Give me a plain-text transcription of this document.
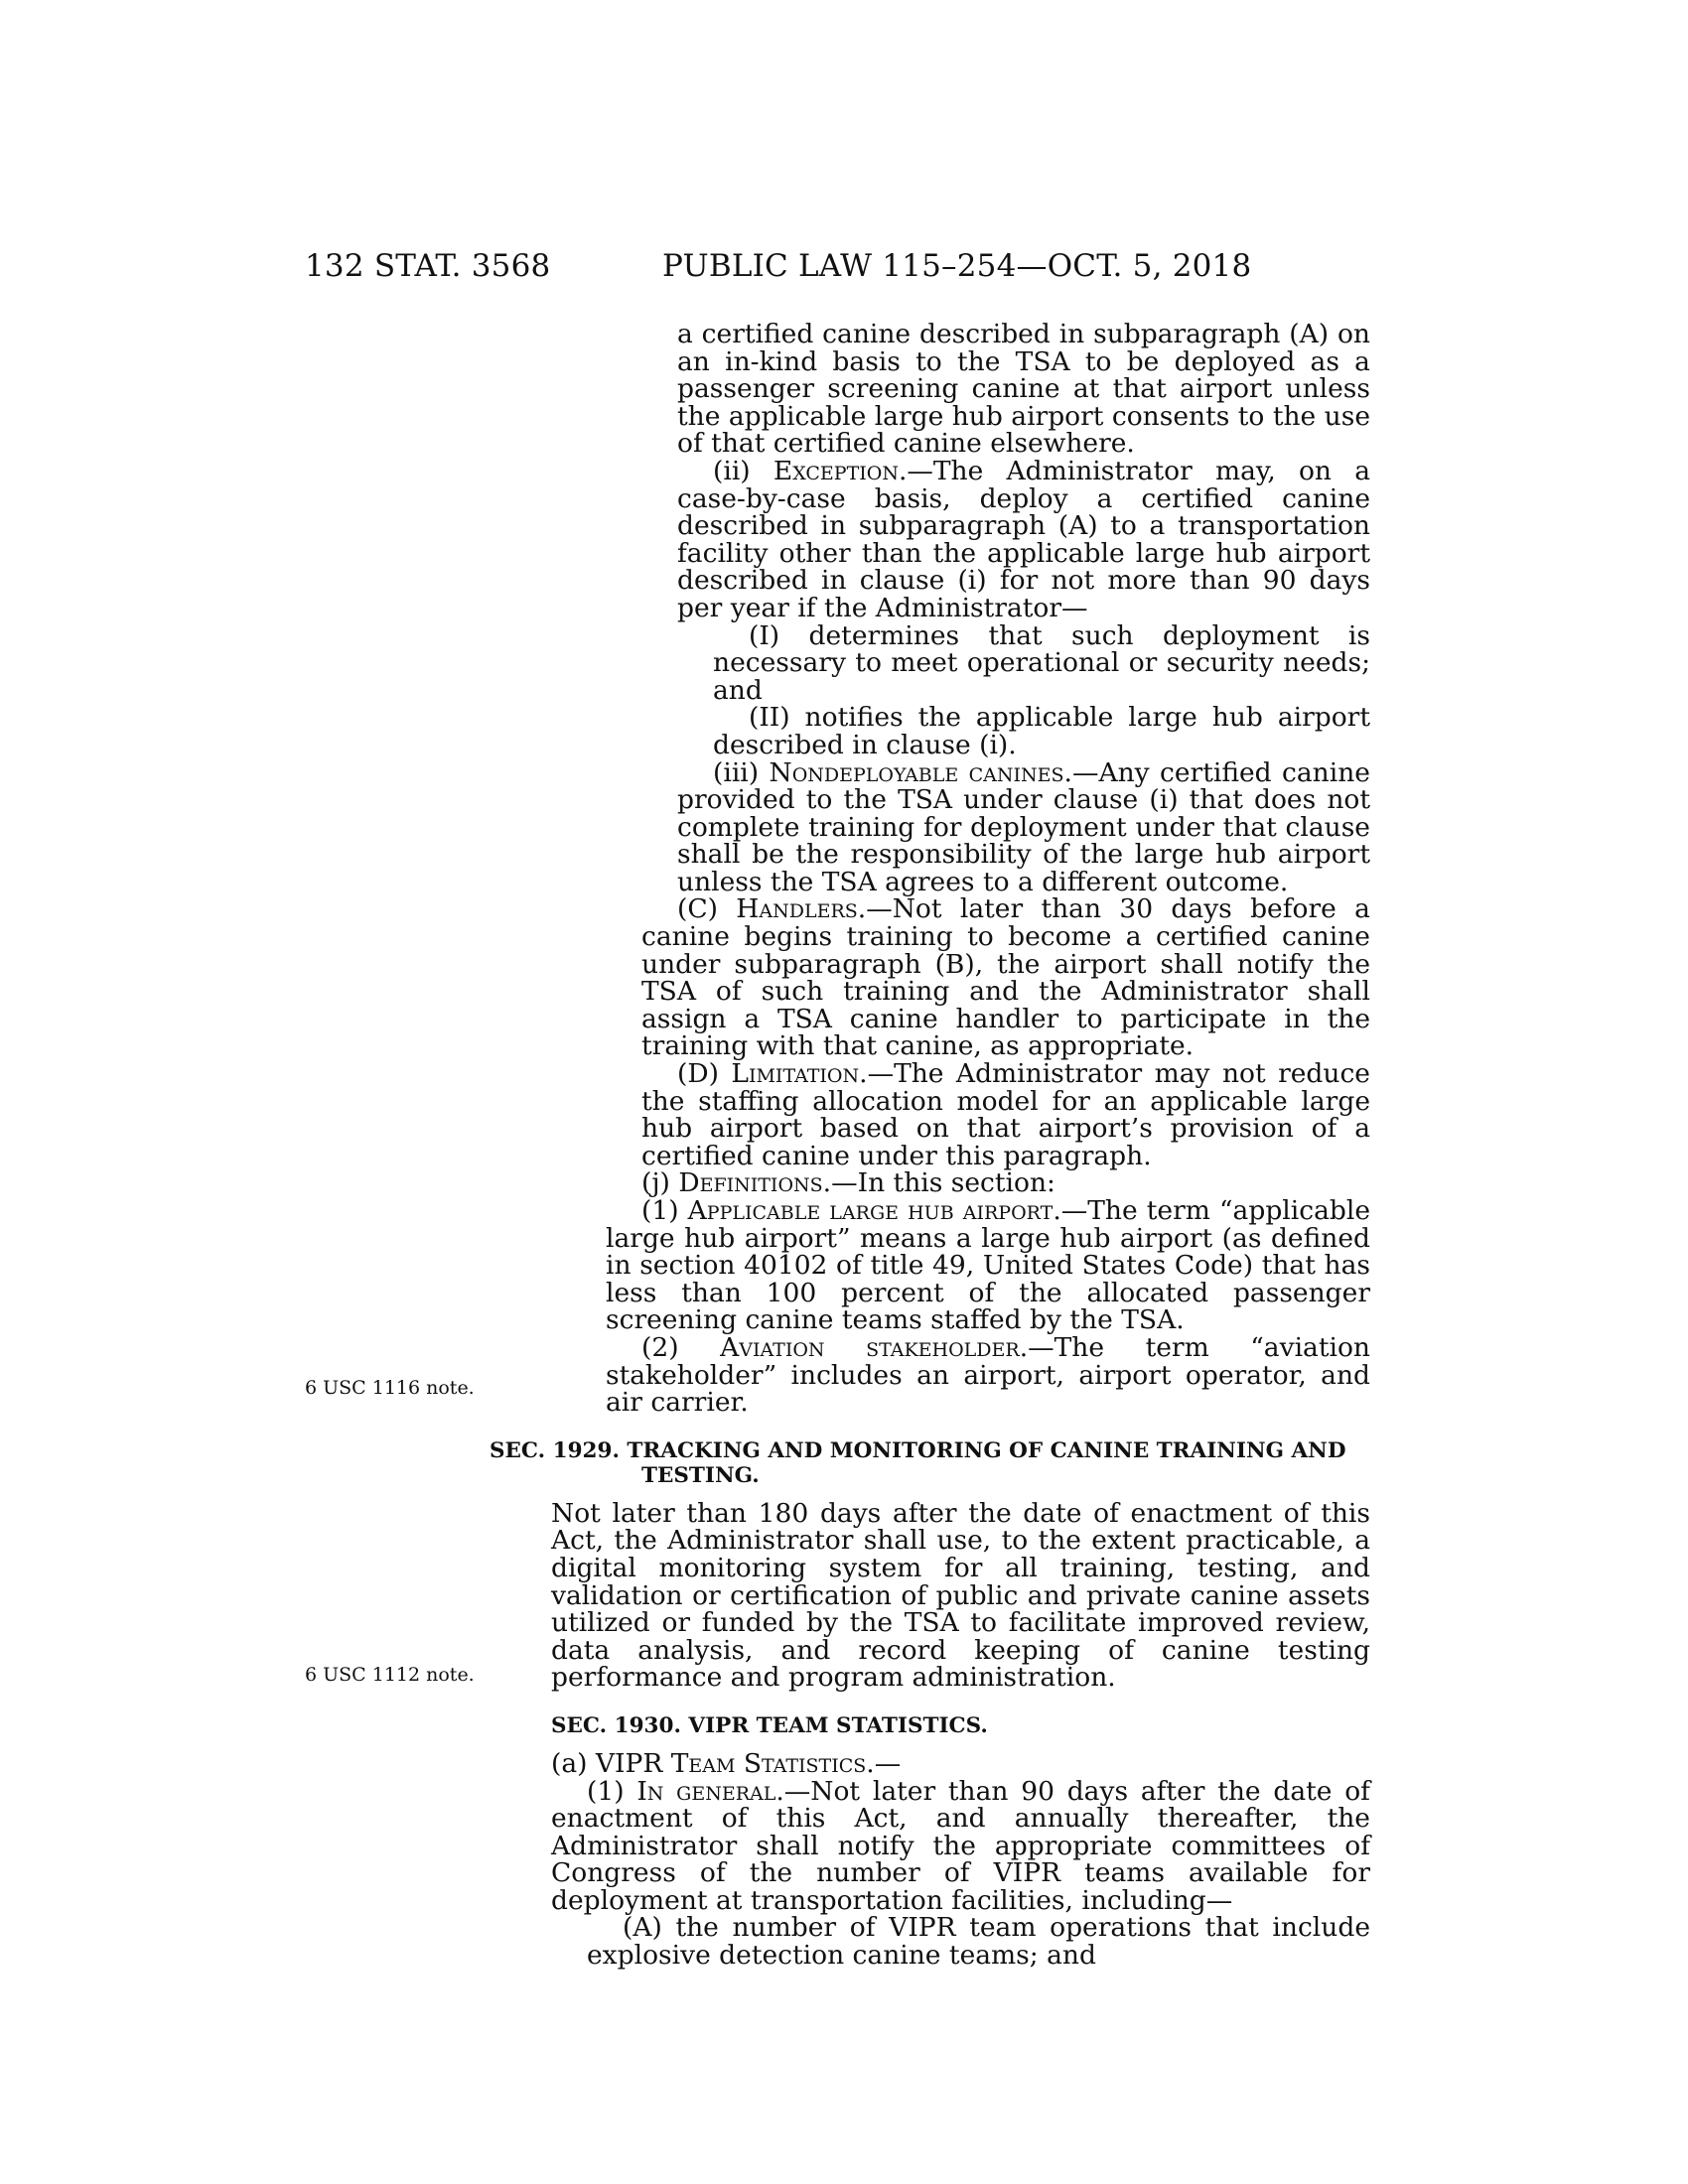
132 STAT. 3568	PUBLIC LAW 115–254—OCT. 5, 2018
6 USC 1116 note.
6 USC 1112 note.

a certified canine described in subparagraph (A) on an in-kind basis to the TSA to be deployed as a passenger screening canine at that airport unless the applicable large hub airport consents to the use of that certified canine elsewhere.

(ii) Exception.—The Administrator may, on a case-by-case basis, deploy a certified canine described in subparagraph (A) to a transportation facility other than the applicable large hub airport described in clause (i) for not more than 90 days per year if the Administrator—

(I) determines that such deployment is necessary to meet operational or security needs; and

(II) notifies the applicable large hub airport described in clause (i).

(iii) Nondeployable canines.—Any certified canine provided to the TSA under clause (i) that does not complete training for deployment under that clause shall be the responsibility of the large hub airport unless the TSA agrees to a different outcome.

(C) Handlers.—Not later than 30 days before a canine begins training to become a certified canine under subparagraph (B), the airport shall notify the TSA of such training and the Administrator shall assign a TSA canine handler to participate in the training with that canine, as appropriate.

(D) Limitation.—The Administrator may not reduce the staffing allocation model for an applicable large hub airport based on that airport’s provision of a certified canine under this paragraph.

(j) Definitions.—In this section:

(1) Applicable large hub airport.—The term “applicable large hub airport” means a large hub airport (as defined in section 40102 of title 49, United States Code) that has less than 100 percent of the allocated passenger screening canine teams staffed by the TSA.

(2) Aviation stakeholder.—The term “aviation stakeholder” includes an airport, airport operator, and air carrier.

SEC. 1929. TRACKING AND MONITORING OF CANINE TRAINING AND
TESTING.

Not later than 180 days after the date of enactment of this Act, the Administrator shall use, to the extent practicable, a digital monitoring system for all training, testing, and validation or certification of public and private canine assets utilized or funded by the TSA to facilitate improved review, data analysis, and record keeping of canine testing performance and program administration.

SEC. 1930. VIPR TEAM STATISTICS.

(a) VIPR Team Statistics.—

(1) In general.—Not later than 90 days after the date of enactment of this Act, and annually thereafter, the Administrator shall notify the appropriate committees of Congress of the number of VIPR teams available for deployment at transportation facilities, including—

(A) the number of VIPR team operations that include explosive detection canine teams; and
